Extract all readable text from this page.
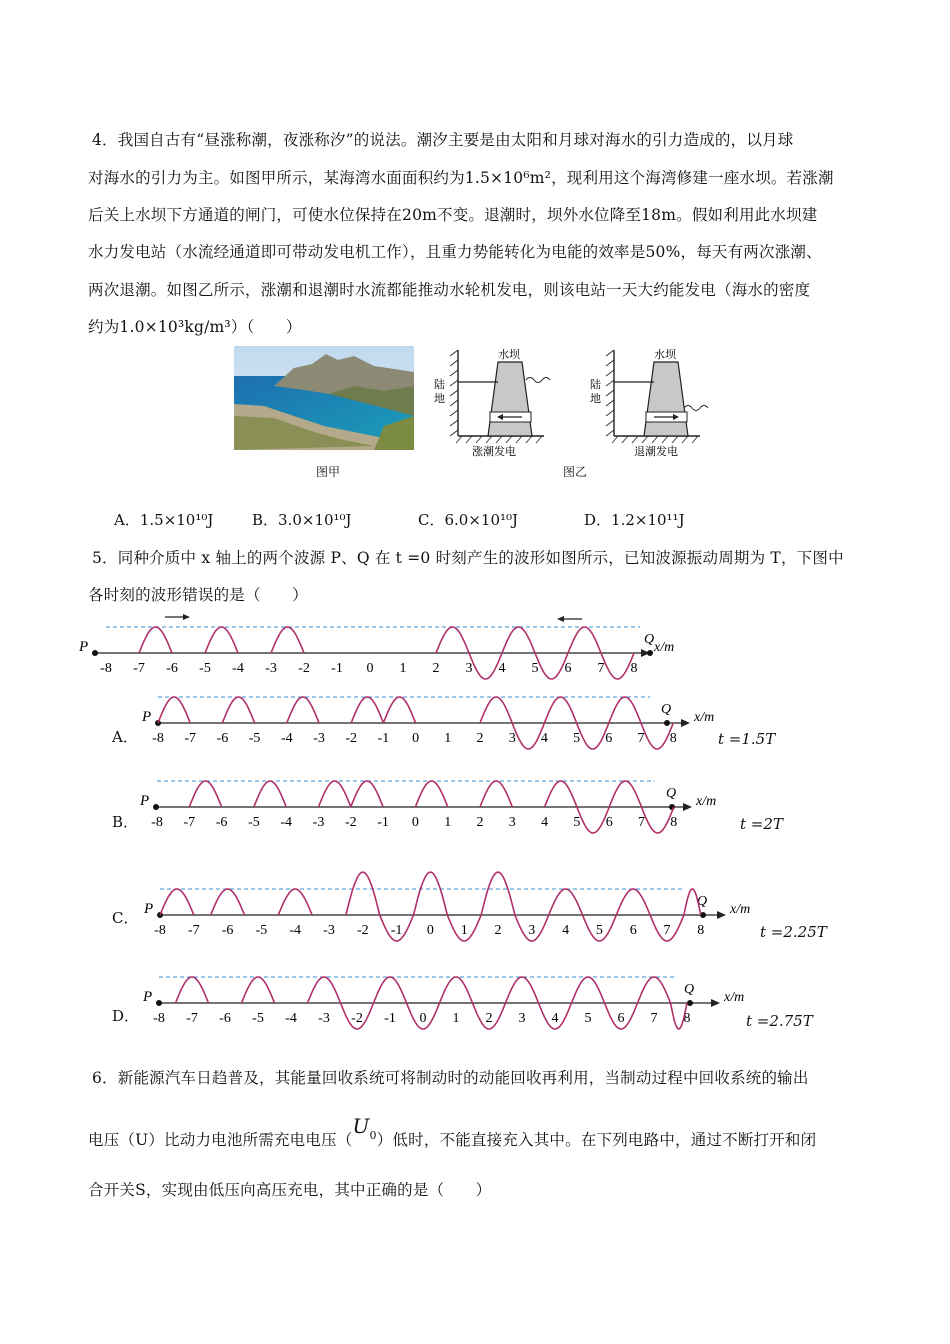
4．我国自古有“昼涨称潮，夜涨称汐”的说法。潮汐主要是由太阳和月球对海水的引力造成的，以月球
对海水的引力为主。如图甲所示，某海湾水面面积约为1.5×10⁶m²，现利用这个海湾修建一座水坝。若涨潮
后关上水坝下方通道的闸门，可使水位保持在20m不变。退潮时，坝外水位降至18m。假如利用此水坝建
水力发电站（水流经通道即可带动发电机工作），且重力势能转化为电能的效率是50%，每天有两次涨潮、
两次退潮。如图乙所示，涨潮和退潮时水流都能推动水轮机发电，则该电站一天大约能发电（海水的密度
约为1.0×10³kg/m³）（　　）
图甲
水坝
陆
地
涨潮发电
水坝
陆
地
退潮发电
图乙
A．1.5×10¹⁰J	B．3.0×10¹⁰J	C．6.0×10¹⁰J	D．1.2×10¹¹J
5．同种介质中 x 轴上的两个波源 P、Q 在 t =0 时刻产生的波形如图所示，已知波源振动周期为 T，下图中
各时刻的波形错误的是（　　）
x/m
P	Q
-8 -7 -6 -5 -4 -3 -2 -1 0 1 2 3 4 5 6 7 8
x/m
P	Q
-8 -7 -6 -5 -4 -3 -2 -1 0 1 2 3 4 5 6 7 8
x/m
P	Q
-8 -7 -6 -5 -4 -3 -2 -1 0 1 2 3 4 5 6 7 8
x/m
P	Q
-8 -7 -6 -5 -4 -3 -2 -1 0 1 2 3 4 5 6 7 8
x/m
P	Q
-8 -7 -6 -5 -4 -3 -2 -1 0 1 2 3 4 5 6 7 8
A．
B．
C．
D．
t =1.5T
t =2T
t =2.25T
t =2.75T
6．新能源汽车日趋普及，其能量回收系统可将制动时的动能回收再利用，当制动过程中回收系统的输出
电压（U）比动力电池所需充电电压（U0）低时，不能直接充入其中。在下列电路中，通过不断打开和闭
合开关S，实现由低压向高压充电，其中正确的是（　　）
